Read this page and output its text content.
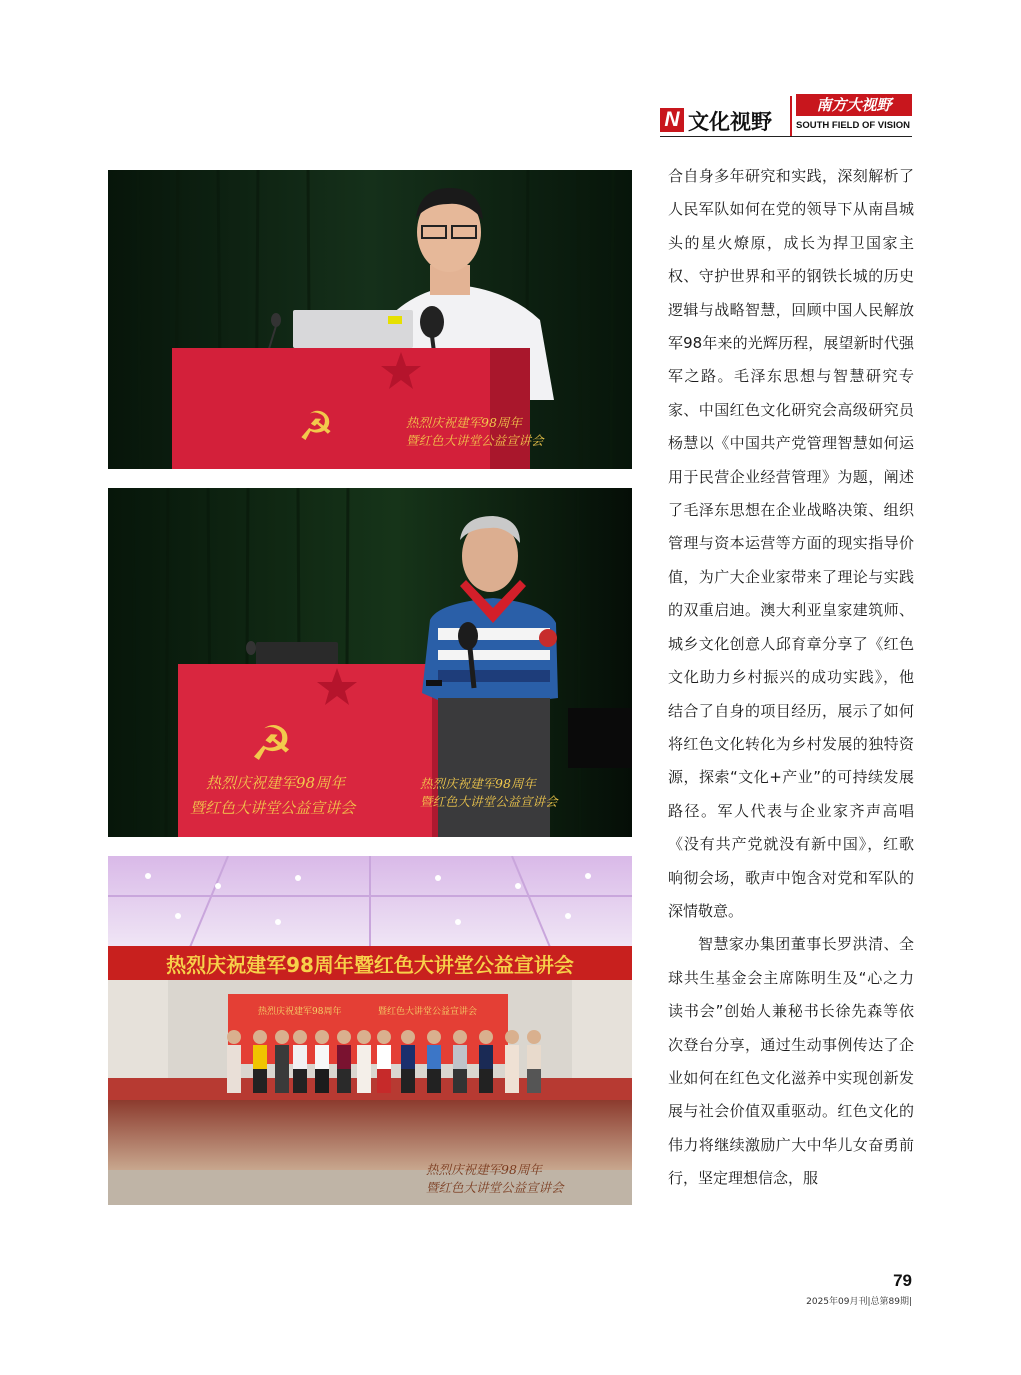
N 文化视野
南方大视野
SOUTH FIELD OF VISION
☭	热烈庆祝建军98周年
暨红色大讲堂公益宣讲会
☭
热烈庆祝建军98周年
暨红色大讲堂公益宣讲会
热烈庆祝建军98周年
暨红色大讲堂公益宣讲会
热烈庆祝建军98周年暨红色大讲堂公益宣讲会
热烈庆祝建军98周年	暨红色大讲堂公益宣讲会
热烈庆祝建军98周年
暨红色大讲堂公益宣讲会

合自身多年研究和实践，深刻解析了人民军队如何在党的领导下从南昌城头的星火燎原，成长为捍卫国家主权、守护世界和平的钢铁长城的历史逻辑与战略智慧，回顾中国人民解放军98年来的光辉历程，展望新时代强军之路。毛泽东思想与智慧研究专家、中国红色文化研究会高级研究员杨慧以《中国共产党管理智慧如何运用于民营企业经营管理》为题，阐述了毛泽东思想在企业战略决策、组织管理与资本运营等方面的现实指导价值，为广大企业家带来了理论与实践的双重启迪。澳大利亚皇家建筑师、城乡文化创意人邱育章分享了《红色文化助力乡村振兴的成功实践》，他结合了自身的项目经历，展示了如何将红色文化转化为乡村发展的独特资源，探索“文化+产业”的可持续发展路径。军人代表与企业家齐声高唱《没有共产党就没有新中国》，红歌响彻会场，歌声中饱含对党和军队的深情敬意。

智慧家办集团董事长罗洪清、全球共生基金会主席陈明生及“心之力读书会”创始人兼秘书长徐先森等依次登台分享，通过生动事例传达了企业如何在红色文化滋养中实现创新发展与社会价值双重驱动。红色文化的伟力将继续激励广大中华儿女奋勇前行，坚定理想信念，服

79
2025年09月刊|总第89期|
